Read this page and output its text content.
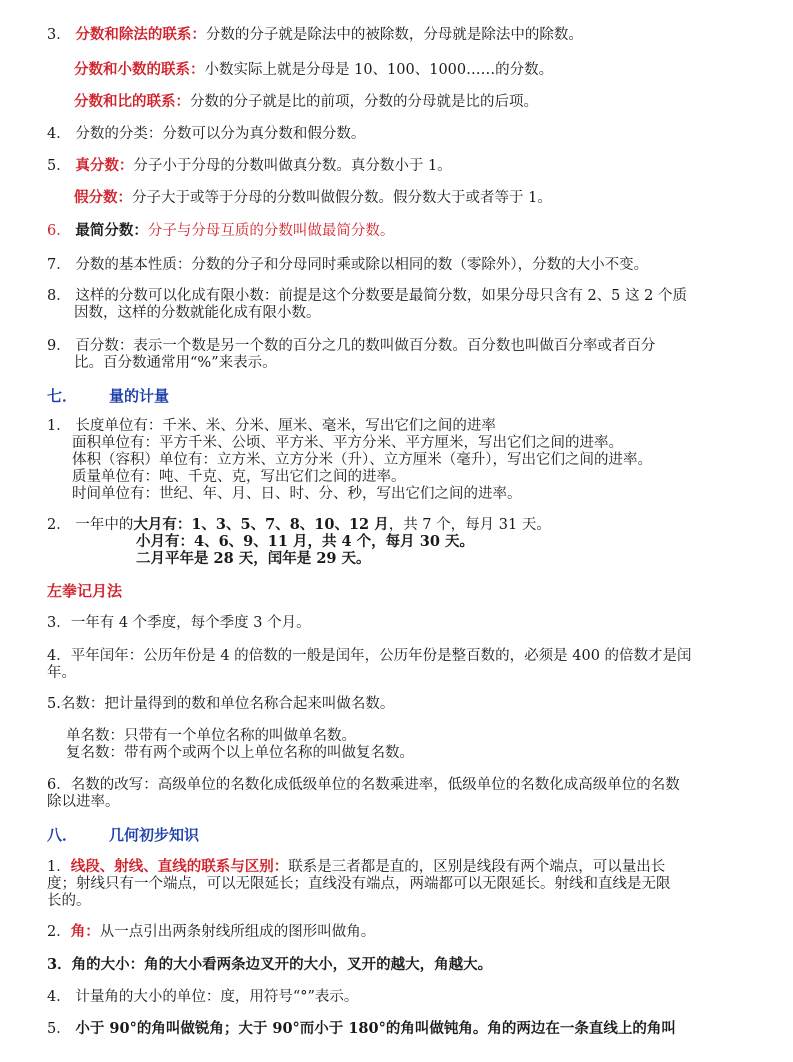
3． 分数和除法的联系：分数的分子就是除法中的被除数，分母就是除法中的除数。
分数和小数的联系：小数实际上就是分母是 10、100、1000……的分数。
分数和比的联系：分数的分子就是比的前项，分数的分母就是比的后项。
4． 分数的分类：分数可以分为真分数和假分数。
5． 真分数：分子小于分母的分数叫做真分数。真分数小于 1。
假分数：分子大于或等于分母的分数叫做假分数。假分数大于或者等于 1。
6． 最简分数：分子与分母互质的分数叫做最简分数。
7． 分数的基本性质：分数的分子和分母同时乘或除以相同的数（零除外），分数的大小不变。
8． 这样的分数可以化成有限小数：前提是这个分数要是最简分数，如果分母只含有 2、5 这 2 个质
因数，这样的分数就能化成有限小数。
9． 百分数：表示一个数是另一个数的百分之几的数叫做百分数。百分数也叫做百分率或者百分
比。百分数通常用“%”来表示。
七． 量的计量
1． 长度单位有：千米、米、分米、厘米、毫米，写出它们之间的进率
面积单位有：平方千米、公顷、平方米、平方分米、平方厘米，写出它们之间的进率。
体积（容积）单位有：立方米、立方分米（升）、立方厘米（毫升），写出它们之间的进率。
质量单位有：吨、千克、克，写出它们之间的进率。
时间单位有：世纪、年、月、日、时、分、秒，写出它们之间的进率。
2． 一年中的大月有：1、3、5、7、8、10、12 月，共 7 个，每月 31 天。
小月有：4、6、9、11 月，共 4 个，每月 30 天。
二月平年是 28 天，闰年是 29 天。
左拳记月法
3．一年有 4 个季度，每个季度 3 个月。
4．平年闰年：公历年份是 4 的倍数的一般是闰年，公历年份是整百数的，必须是 400 的倍数才是闰
年。
5.名数：把计量得到的数和单位名称合起来叫做名数。
单名数：只带有一个单位名称的叫做单名数。
复名数：带有两个或两个以上单位名称的叫做复名数。
6．名数的改写：高级单位的名数化成低级单位的名数乘进率，低级单位的名数化成高级单位的名数
除以进率。
八． 几何初步知识
1．线段、射线、直线的联系与区别：联系是三者都是直的，区别是线段有两个端点，可以量出长
度；射线只有一个端点，可以无限延长；直线没有端点，两端都可以无限延长。射线和直线是无限
长的。
2．角：从一点引出两条射线所组成的图形叫做角。
3．角的大小：角的大小看两条边叉开的大小，叉开的越大，角越大。
4． 计量角的大小的单位：度，用符号“°”表示。
5． 小于 90°的角叫做锐角；大于 90°而小于 180°的角叫做钝角。角的两边在一条直线上的角叫
